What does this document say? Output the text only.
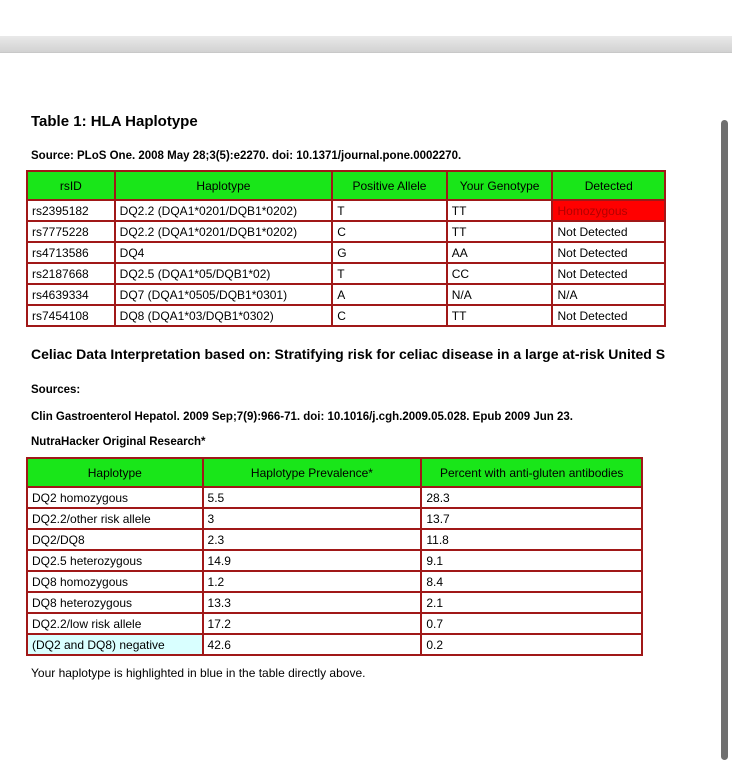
Table 1: HLA Haplotype
Source: PLoS One. 2008 May 28;3(5):e2270. doi: 10.1371/journal.pone.0002270.
rsID	Haplotype	Positive Allele	Your Genotype	Detected
rs2395182	DQ2.2 (DQA1*0201/DQB1*0202)	T	TT	Homozygous
rs7775228	DQ2.2 (DQA1*0201/DQB1*0202)	C	TT	Not Detected
rs4713586	DQ4	G	AA	Not Detected
rs2187668	DQ2.5 (DQA1*05/DQB1*02)	T	CC	Not Detected
rs4639334	DQ7 (DQA1*0505/DQB1*0301)	A	N/A	N/A
rs7454108	DQ8 (DQA1*03/DQB1*0302)	C	TT	Not Detected
Celiac Data Interpretation based on: Stratifying risk for celiac disease in a large at-risk United S
Sources:
Clin Gastroenterol Hepatol. 2009 Sep;7(9):966-71. doi: 10.1016/j.cgh.2009.05.028. Epub 2009 Jun 23.
NutraHacker Original Research*
Haplotype	Haplotype Prevalence*	Percent with anti-gluten antibodies
DQ2 homozygous	5.5	28.3
DQ2.2/other risk allele	3	13.7
DQ2/DQ8	2.3	11.8
DQ2.5 heterozygous	14.9	9.1
DQ8 homozygous	1.2	8.4
DQ8 heterozygous	13.3	2.1
DQ2.2/low risk allele	17.2	0.7
(DQ2 and DQ8) negative	42.6	0.2
Your haplotype is highlighted in blue in the table directly above.
